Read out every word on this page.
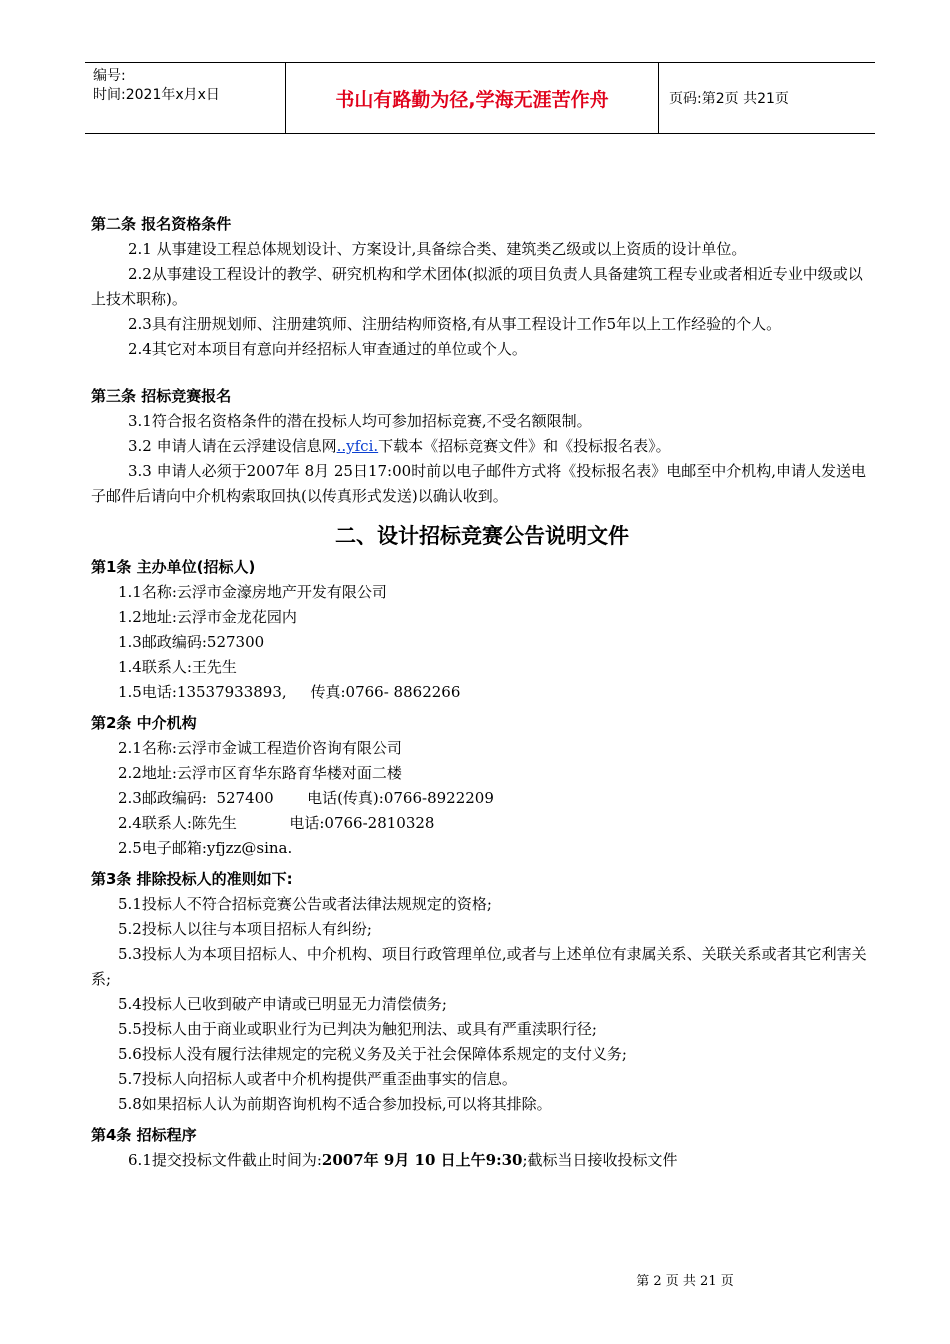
编号:
时间:2021年x月x日	书山有路勤为径,学海无涯苦作舟	页码:第2页 共21页

第二条 报名资格条件

2.1 从事建设工程总体规划设计、方案设计,具备综合类、建筑类乙级或以上资质的设计单位。

2.2从事建设工程设计的教学、研究机构和学术团体(拟派的项目负责人具备建筑工程专业或者相近专业中级或以上技术职称)。

2.3具有注册规划师、注册建筑师、注册结构师资格,有从事工程设计工作5年以上工作经验的个人。

2.4其它对本项目有意向并经招标人审查通过的单位或个人。

第三条 招标竞赛报名

3.1符合报名资格条件的潜在投标人均可参加招标竞赛,不受名额限制。

3.2 申请人请在云浮建设信息网..yfci.下载本《招标竞赛文件》和《投标报名表》。

3.3 申请人必须于2007年 8月 25日17:00时前以电子邮件方式将《投标报名表》电邮至中介机构,申请人发送电子邮件后请向中介机构索取回执(以传真形式发送)以确认收到。

二、设计招标竞赛公告说明文件

第1条 主办单位(招标人)

1.1名称:云浮市金濠房地产开发有限公司

1.2地址:云浮市金龙花园内

1.3邮政编码:527300

1.4联系人:王先生

1.5电话:13537933893,     传真:0766- 8862266

第2条 中介机构

2.1名称:云浮市金诚工程造价咨询有限公司

2.2地址:云浮市区育华东路育华楼对面二楼

2.3邮政编码:  527400       电话(传真):0766-8922209

2.4联系人:陈先生           电话:0766-2810328

2.5电子邮箱:yfjzz@sina.

第3条 排除投标人的准则如下:

5.1投标人不符合招标竞赛公告或者法律法规规定的资格;

5.2投标人以往与本项目招标人有纠纷;

5.3投标人为本项目招标人、中介机构、项目行政管理单位,或者与上述单位有隶属关系、关联关系或者其它利害关系;

5.4投标人已收到破产申请或已明显无力清偿债务;

5.5投标人由于商业或职业行为已判决为触犯刑法、或具有严重渎职行径;

5.6投标人没有履行法律规定的完税义务及关于社会保障体系规定的支付义务;

5.7投标人向招标人或者中介机构提供严重歪曲事实的信息。

5.8如果招标人认为前期咨询机构不适合参加投标,可以将其排除。

第4条 招标程序

6.1提交投标文件截止时间为:2007年 9月 10 日上午9:30;截标当日接收投标文件

第 2 页 共 21 页
